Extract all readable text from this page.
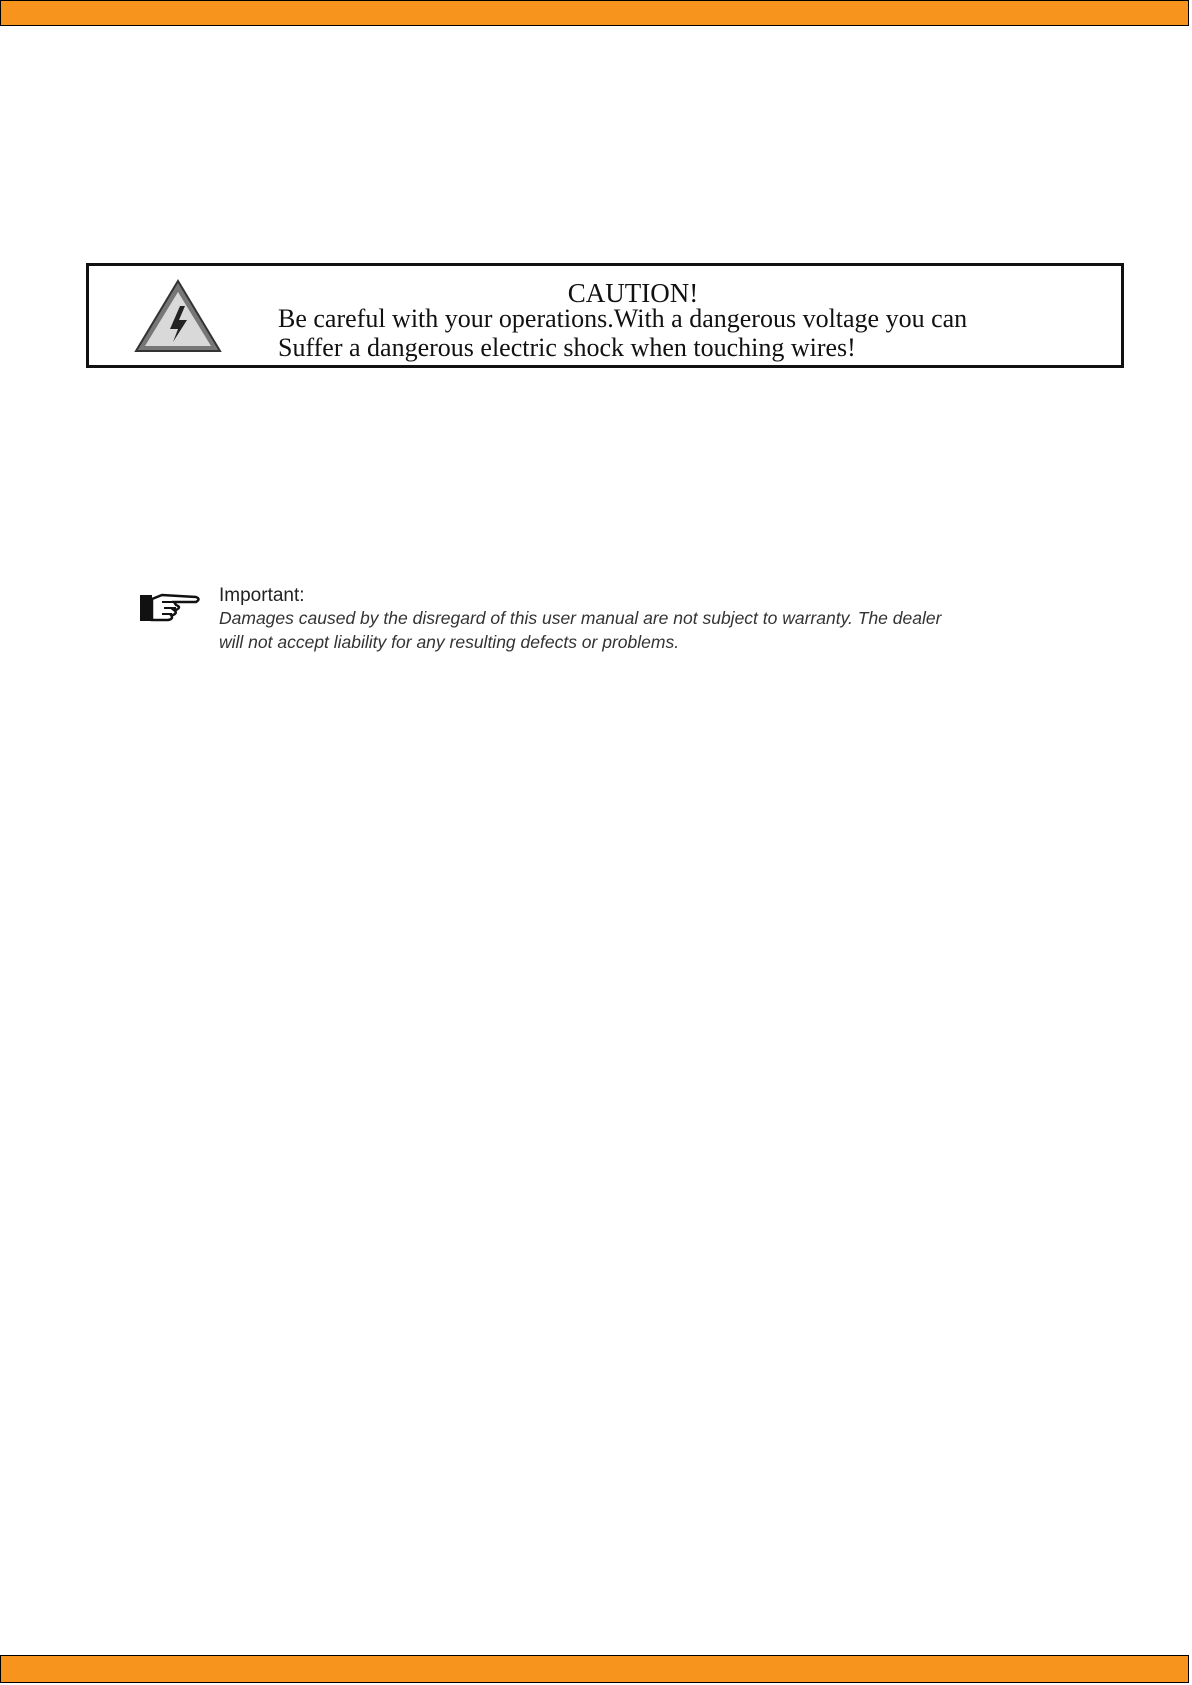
CAUTION!
Be careful with your operations.With a dangerous voltage you can
Suffer a dangerous electric shock when touching wires!
Important:
Damages caused by the disregard of this user manual are not subject to warranty. The dealer
will not accept liability for any resulting defects or problems.
